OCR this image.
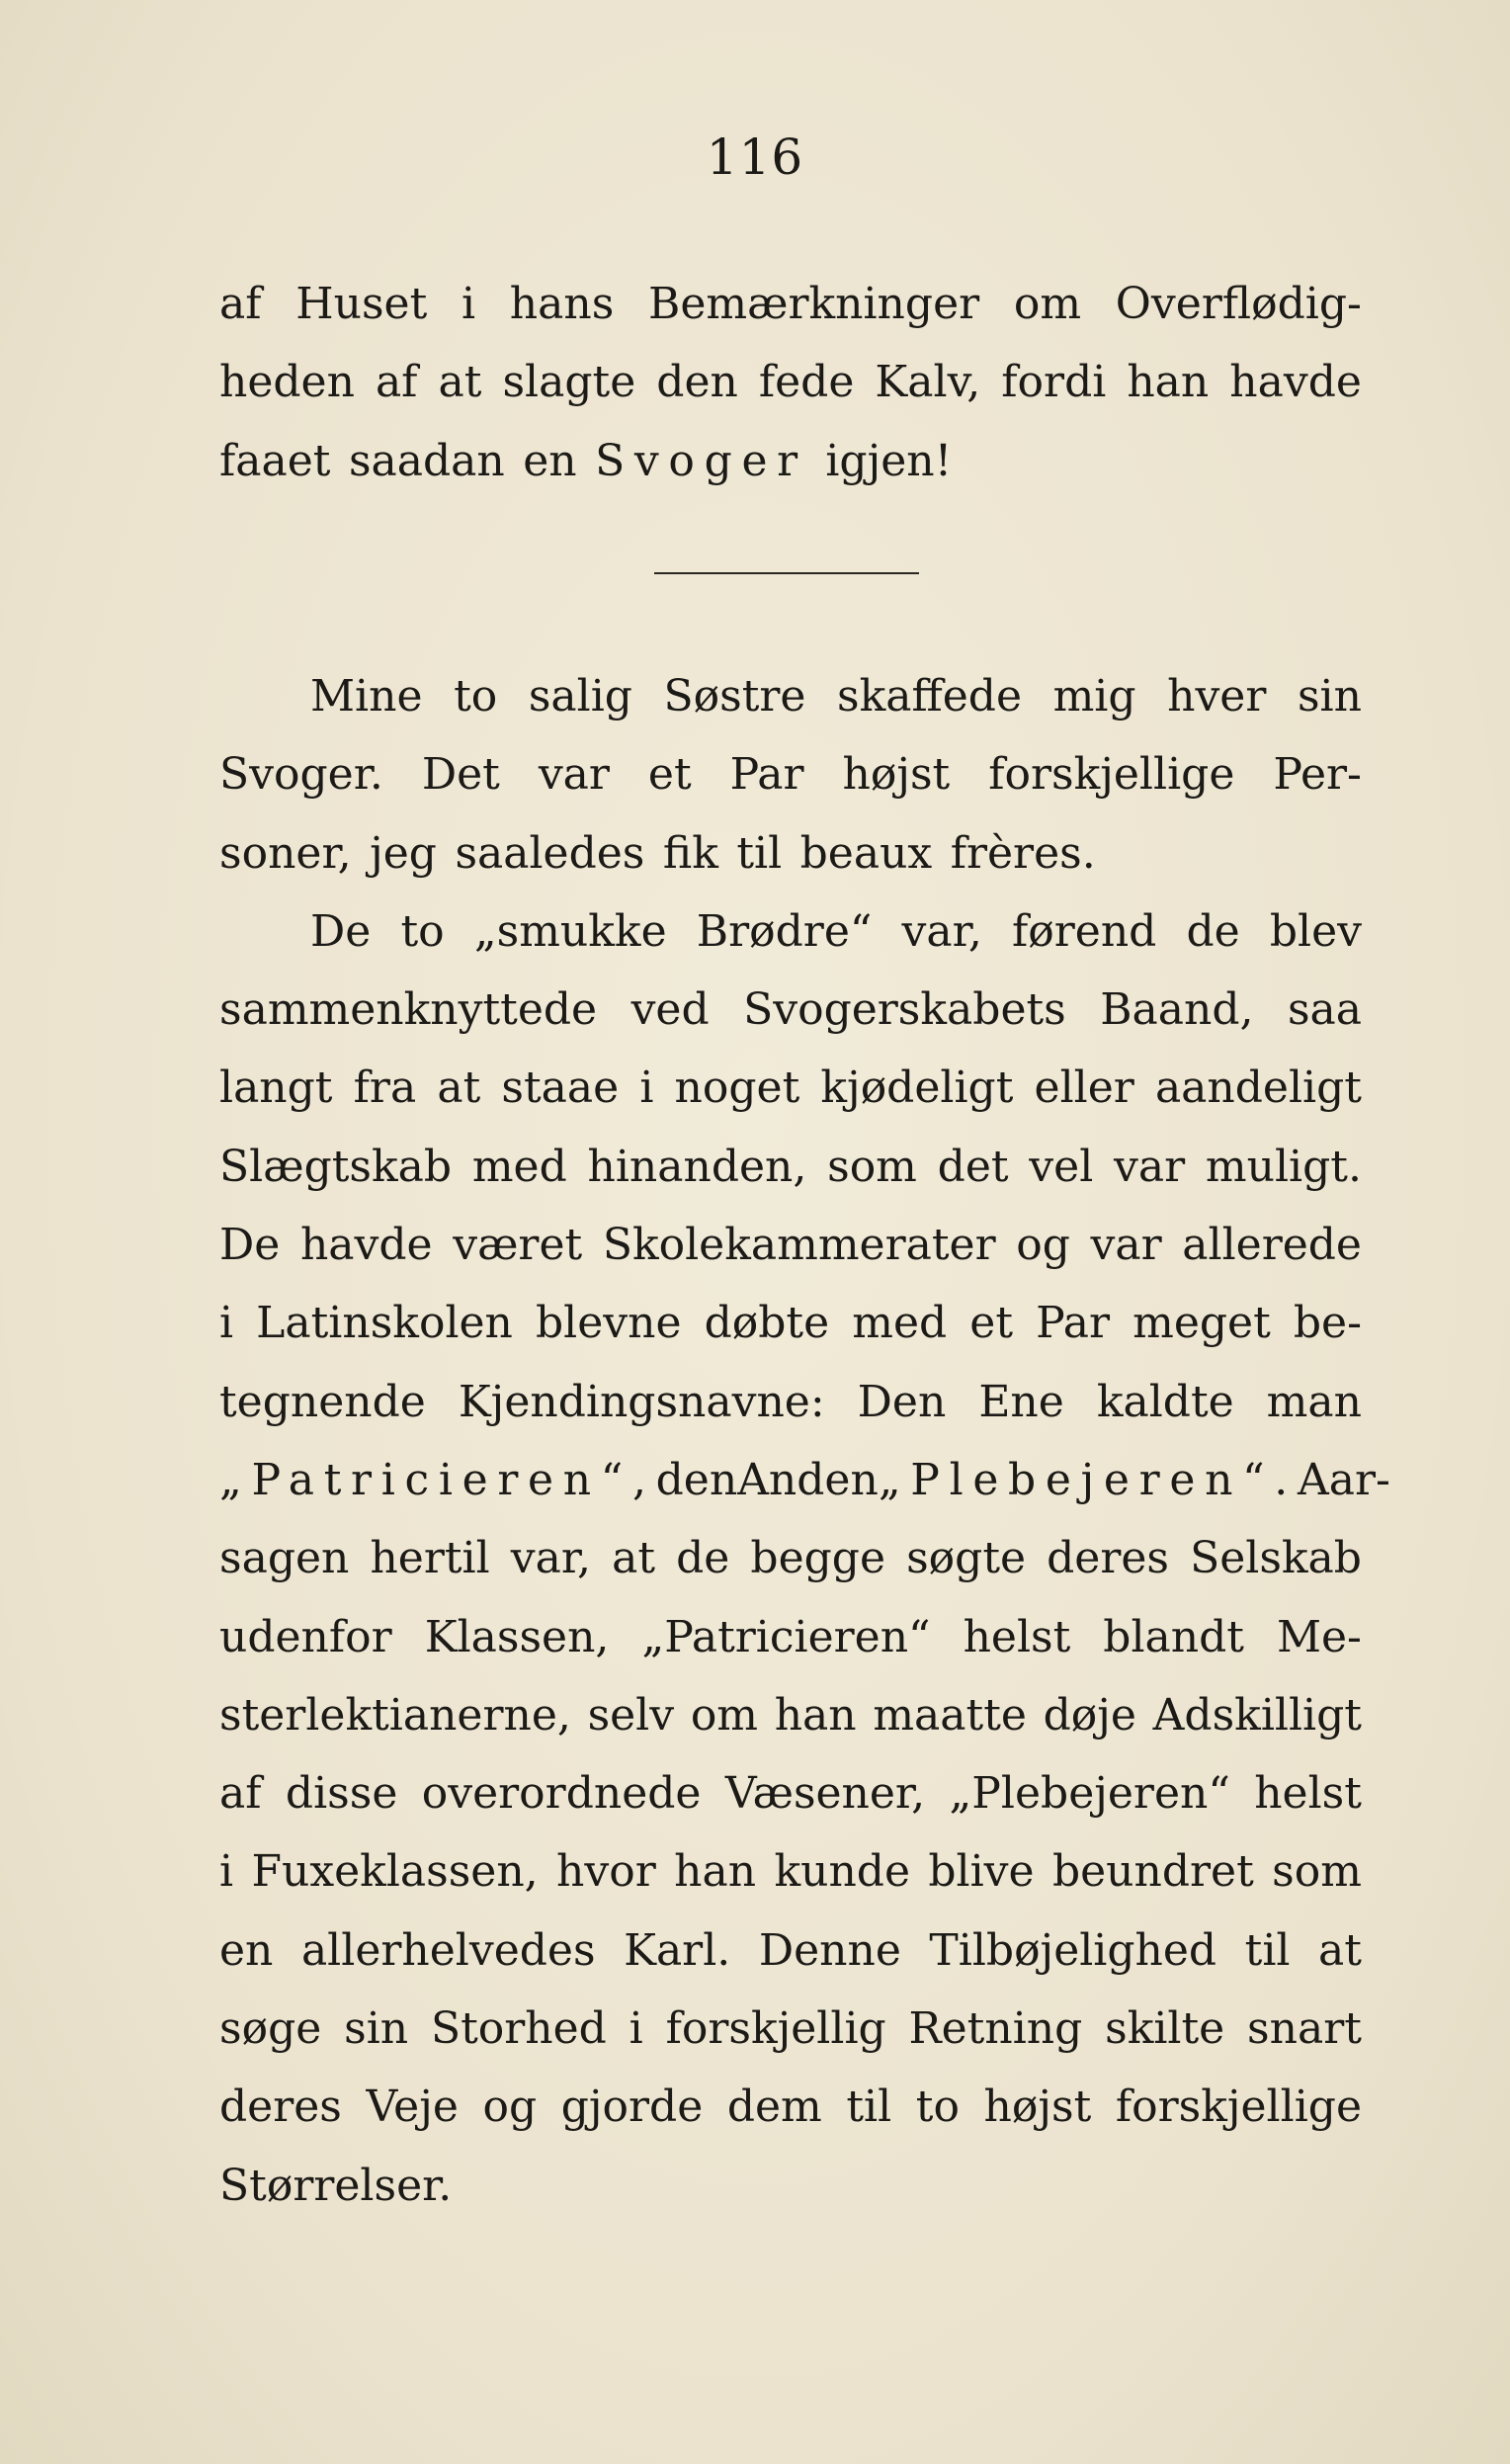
116
af Huset i hans Bemærkninger om Overflødig-
heden af at slagte den fede Kalv, fordi han havde
faaet saadan en Svoger igjen!
Mine to salig Søstre skaffede mig hver sin
Svoger. Det var et Par højst forskjellige Per-
soner, jeg saaledes fik til beaux frères.
De to „smukke Brødre“ var, førend de blev
sammenknyttede ved Svogerskabets Baand, saa
langt fra at staae i noget kjødeligt eller aandeligt
Slægtskab med hinanden, som det vel var muligt.
De havde været Skolekammerater og var allerede
i Latinskolen blevne døbte med et Par meget be-
tegnende Kjendingsnavne: Den Ene kaldte man
„Patricieren“, den Anden „Plebejeren“. Aar-
sagen hertil var, at de begge søgte deres Selskab
udenfor Klassen, „Patricieren“ helst blandt Me-
sterlektianerne, selv om han maatte døje Adskilligt
af disse overordnede Væsener, „Plebejeren“ helst
i Fuxeklassen, hvor han kunde blive beundret som
en allerhelvedes Karl. Denne Tilbøjelighed til at
søge sin Storhed i forskjellig Retning skilte snart
deres Veje og gjorde dem til to højst forskjellige
Størrelser.
